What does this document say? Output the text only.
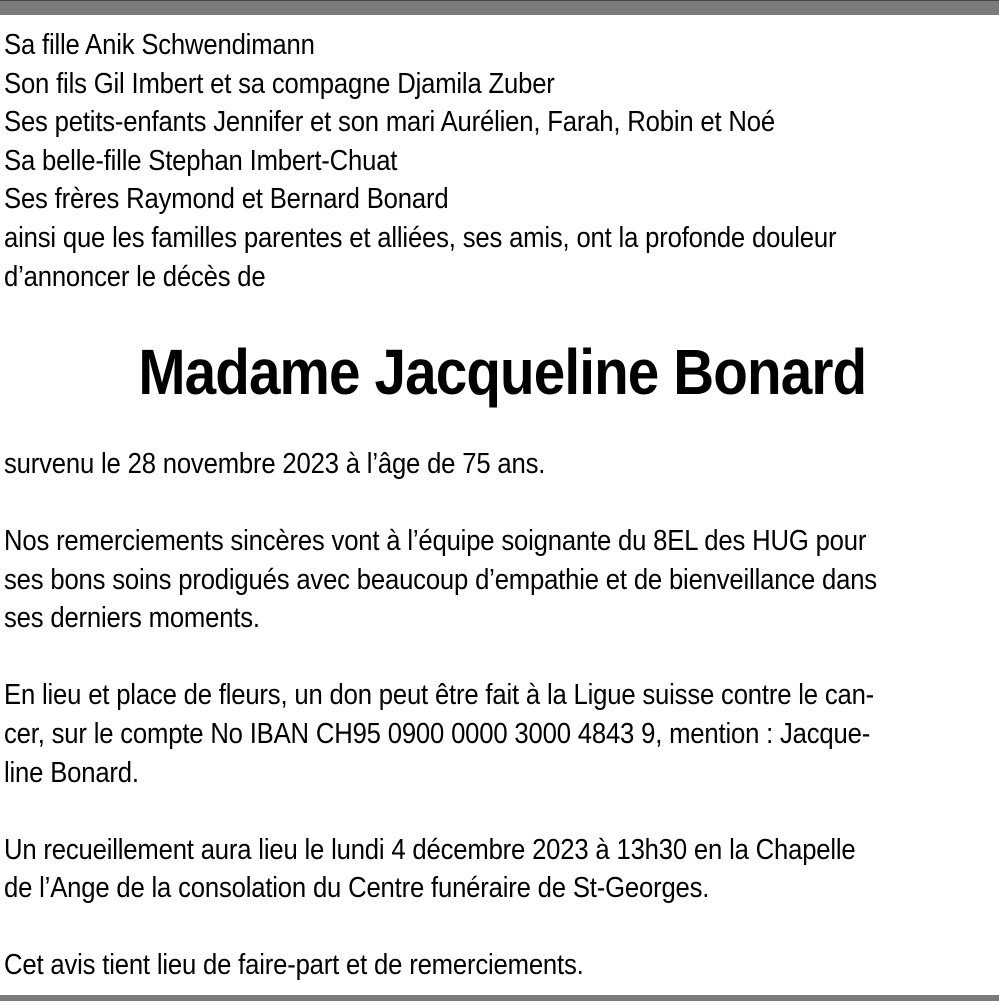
Sa fille Anik Schwendimann
Son fils Gil Imbert et sa compagne Djamila Zuber
Ses petits-enfants Jennifer et son mari Aurélien, Farah, Robin et Noé
Sa belle-fille Stephan Imbert-Chuat
Ses frères Raymond et Bernard Bonard
ainsi que les familles parentes et alliées, ses amis, ont la profonde douleur
d’annoncer le décès de
Madame Jacqueline Bonard
survenu le 28 novembre 2023 à l’âge de 75 ans.
Nos remerciements sincères vont à l’équipe soignante du 8EL des HUG pour
ses bons soins prodigués avec beaucoup d’empathie et de bienveillance dans
ses derniers moments.
En lieu et place de fleurs, un don peut être fait à la Ligue suisse contre le can-
cer, sur le compte No IBAN CH95 0900 0000 3000 4843 9, mention : Jacque-
line Bonard.
Un recueillement aura lieu le lundi 4 décembre 2023 à 13h30 en la Chapelle
de l’Ange de la consolation du Centre funéraire de St-Georges.
Cet avis tient lieu de faire-part et de remerciements.
